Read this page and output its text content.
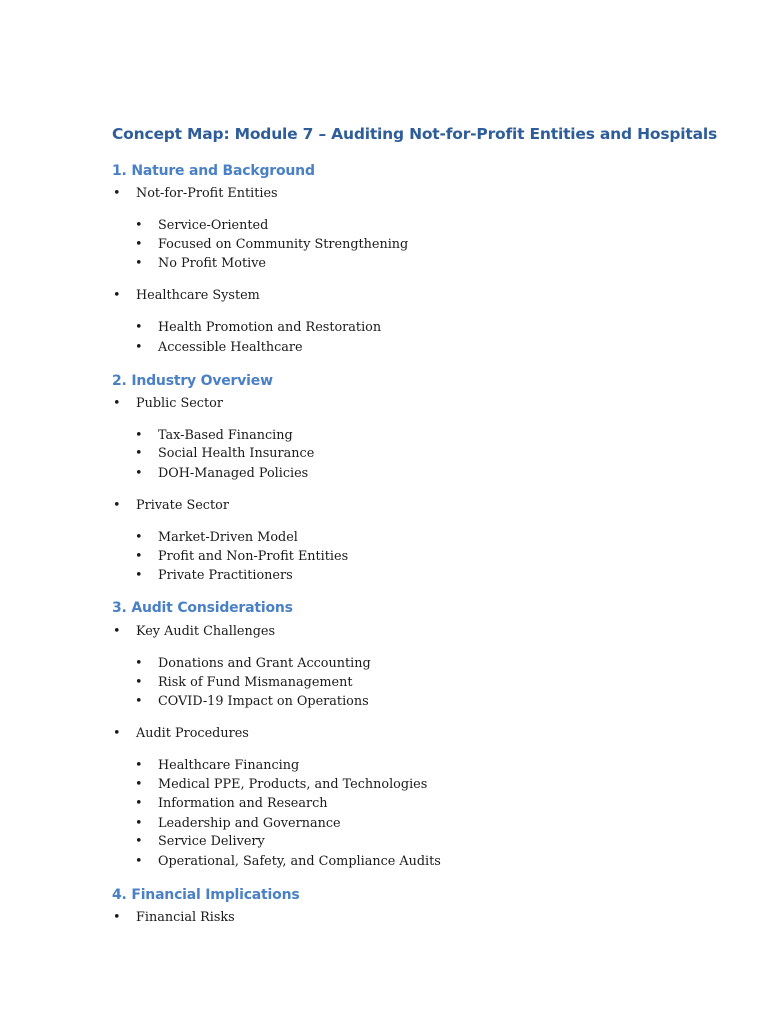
Concept Map: Module 7 – Auditing Not-for-Profit Entities and Hospitals
1. Nature and Background
• Not-for-Profit Entities
• Service-Oriented
• Focused on Community Strengthening
• No Profit Motive
• Healthcare System
• Health Promotion and Restoration
• Accessible Healthcare
2. Industry Overview
• Public Sector
• Tax-Based Financing
• Social Health Insurance
• DOH-Managed Policies
• Private Sector
• Market-Driven Model
• Profit and Non-Profit Entities
• Private Practitioners
3. Audit Considerations
• Key Audit Challenges
• Donations and Grant Accounting
• Risk of Fund Mismanagement
• COVID-19 Impact on Operations
• Audit Procedures
• Healthcare Financing
• Medical PPE, Products, and Technologies
• Information and Research
• Leadership and Governance
• Service Delivery
• Operational, Safety, and Compliance Audits
4. Financial Implications
• Financial Risks
